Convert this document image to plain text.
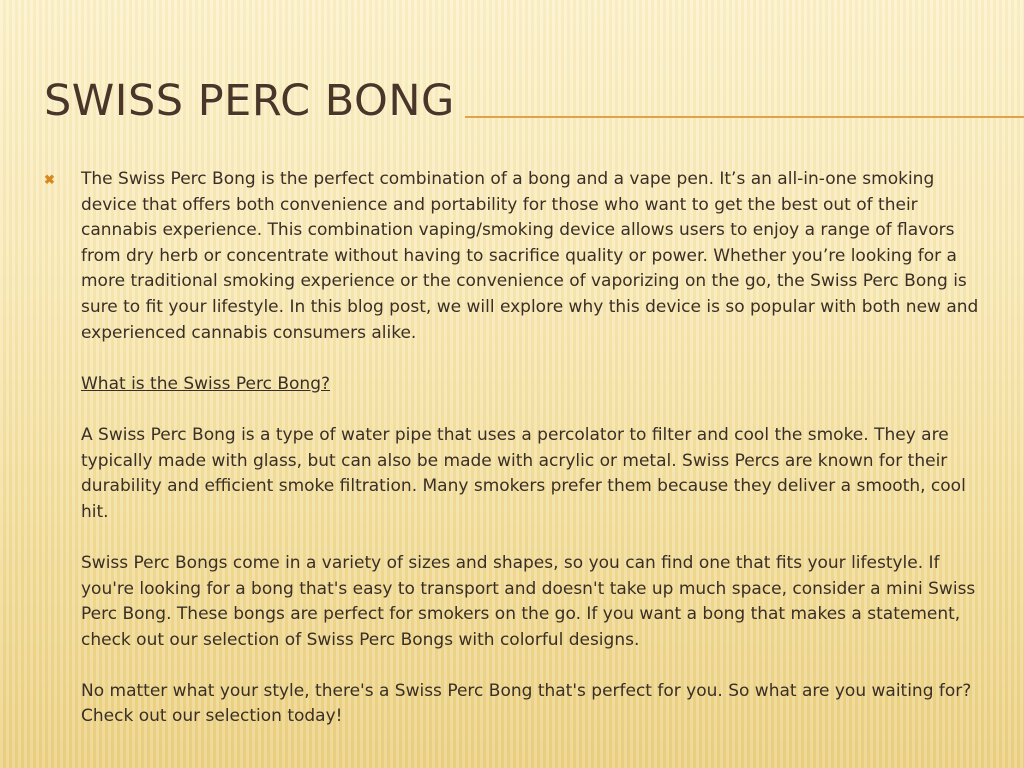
SWISS PERC BONG
✖ The Swiss Perc Bong is the perfect combination of a bong and a vape pen. It’s an all-in-one smoking device that offers both convenience and portability for those who want to get the best out of their cannabis experience. This combination vaping/smoking device allows users to enjoy a range of flavors from dry herb or concentrate without having to sacrifice quality or power. Whether you’re looking for a more traditional smoking experience or the convenience of vaporizing on the go, the Swiss Perc Bong is sure to fit your lifestyle. In this blog post, we will explore why this device is so popular with both new and experienced cannabis consumers alike.

What is the Swiss Perc Bong?

A Swiss Perc Bong is a type of water pipe that uses a percolator to filter and cool the smoke. They are typically made with glass, but can also be made with acrylic or metal. Swiss Percs are known for their durability and efficient smoke filtration. Many smokers prefer them because they deliver a smooth, cool hit.

Swiss Perc Bongs come in a variety of sizes and shapes, so you can find one that fits your lifestyle. If you're looking for a bong that's easy to transport and doesn't take up much space, consider a mini Swiss Perc Bong. These bongs are perfect for smokers on the go. If you want a bong that makes a statement, check out our selection of Swiss Perc Bongs with colorful designs.

No matter what your style, there's a Swiss Perc Bong that's perfect for you. So what are you waiting for? Check out our selection today!
